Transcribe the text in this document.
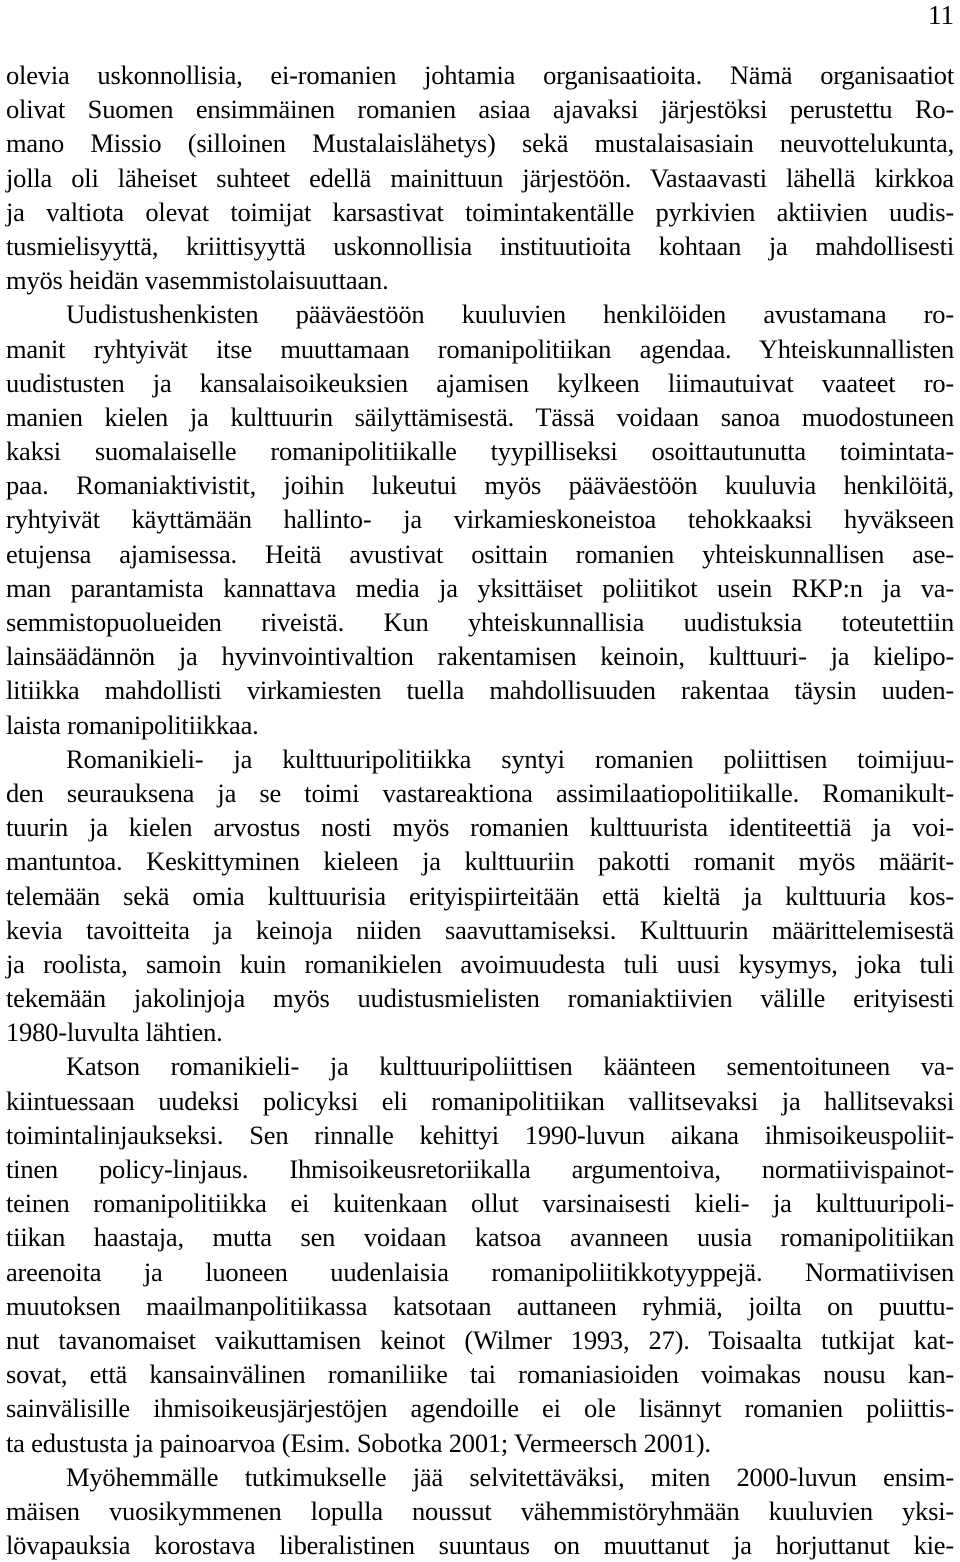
11
olevia uskonnollisia, ei-romanien johtamia organisaatioita. Nämä organisaatiot
olivat Suomen ensimmäinen romanien asiaa ajavaksi järjestöksi perustettu Ro-
mano Missio (silloinen Mustalaislähetys) sekä mustalaisasiain neuvottelukunta,
jolla oli läheiset suhteet edellä mainittuun järjestöön. Vastaavasti lähellä kirkkoa
ja valtiota olevat toimijat karsastivat toimintakentälle pyrkivien aktiivien uudis-
tusmielisyyttä, kriittisyyttä uskonnollisia instituutioita kohtaan ja mahdollisesti
myös heidän vasemmistolaisuuttaan.
Uudistushenkisten pääväestöön kuuluvien henkilöiden avustamana ro-
manit ryhtyivät itse muuttamaan romanipolitiikan agendaa. Yhteiskunnallisten
uudistusten ja kansalaisoikeuksien ajamisen kylkeen liimautuivat vaateet ro-
manien kielen ja kulttuurin säilyttämisestä. Tässä voidaan sanoa muodostuneen
kaksi suomalaiselle romanipolitiikalle tyypilliseksi osoittautunutta toimintata-
paa. Romaniaktivistit, joihin lukeutui myös pääväestöön kuuluvia henkilöitä,
ryhtyivät käyttämään hallinto- ja virkamieskoneistoa tehokkaaksi hyväkseen
etujensa ajamisessa. Heitä avustivat osittain romanien yhteiskunnallisen ase-
man parantamista kannattava media ja yksittäiset poliitikot usein RKP:n ja va-
semmistopuolueiden riveistä. Kun yhteiskunnallisia uudistuksia toteutettiin
lainsäädännön ja hyvinvointivaltion rakentamisen keinoin, kulttuuri- ja kielipo-
litiikka mahdollisti virkamiesten tuella mahdollisuuden rakentaa täysin uuden-
laista romanipolitiikkaa.
Romanikieli- ja kulttuuripolitiikka syntyi romanien poliittisen toimijuu-
den seurauksena ja se toimi vastareaktiona assimilaatiopolitiikalle. Romanikult-
tuurin ja kielen arvostus nosti myös romanien kulttuurista identiteettiä ja voi-
mantuntoa. Keskittyminen kieleen ja kulttuuriin pakotti romanit myös määrit-
telemään sekä omia kulttuurisia erityispiirteitään että kieltä ja kulttuuria kos-
kevia tavoitteita ja keinoja niiden saavuttamiseksi. Kulttuurin määrittelemisestä
ja roolista, samoin kuin romanikielen avoimuudesta tuli uusi kysymys, joka tuli
tekemään jakolinjoja myös uudistusmielisten romaniaktiivien välille erityisesti
1980-luvulta lähtien.
Katson romanikieli- ja kulttuuripoliittisen käänteen sementoituneen va-
kiintuessaan uudeksi policyksi eli romanipolitiikan vallitsevaksi ja hallitsevaksi
toimintalinjaukseksi. Sen rinnalle kehittyi 1990-luvun aikana ihmisoikeuspoliit-
tinen policy-linjaus. Ihmisoikeusretoriikalla argumentoiva, normatiivispainot-
teinen romanipolitiikka ei kuitenkaan ollut varsinaisesti kieli- ja kulttuuripoli-
tiikan haastaja, mutta sen voidaan katsoa avanneen uusia romanipolitiikan
areenoita ja luoneen uudenlaisia romanipoliitikkotyyppejä. Normatiivisen
muutoksen maailmanpolitiikassa katsotaan auttaneen ryhmiä, joilta on puuttu-
nut tavanomaiset vaikuttamisen keinot (Wilmer 1993, 27). Toisaalta tutkijat kat-
sovat, että kansainvälinen romaniliike tai romaniasioiden voimakas nousu kan-
sainvälisille ihmisoikeusjärjestöjen agendoille ei ole lisännyt romanien poliittis-
ta edustusta ja painoarvoa (Esim. Sobotka 2001; Vermeersch 2001).
Myöhemmälle tutkimukselle jää selvitettäväksi, miten 2000-luvun ensim-
mäisen vuosikymmenen lopulla noussut vähemmistöryhmään kuuluvien yksi-
lövapauksia korostava liberalistinen suuntaus on muuttanut ja horjuttanut kie-
